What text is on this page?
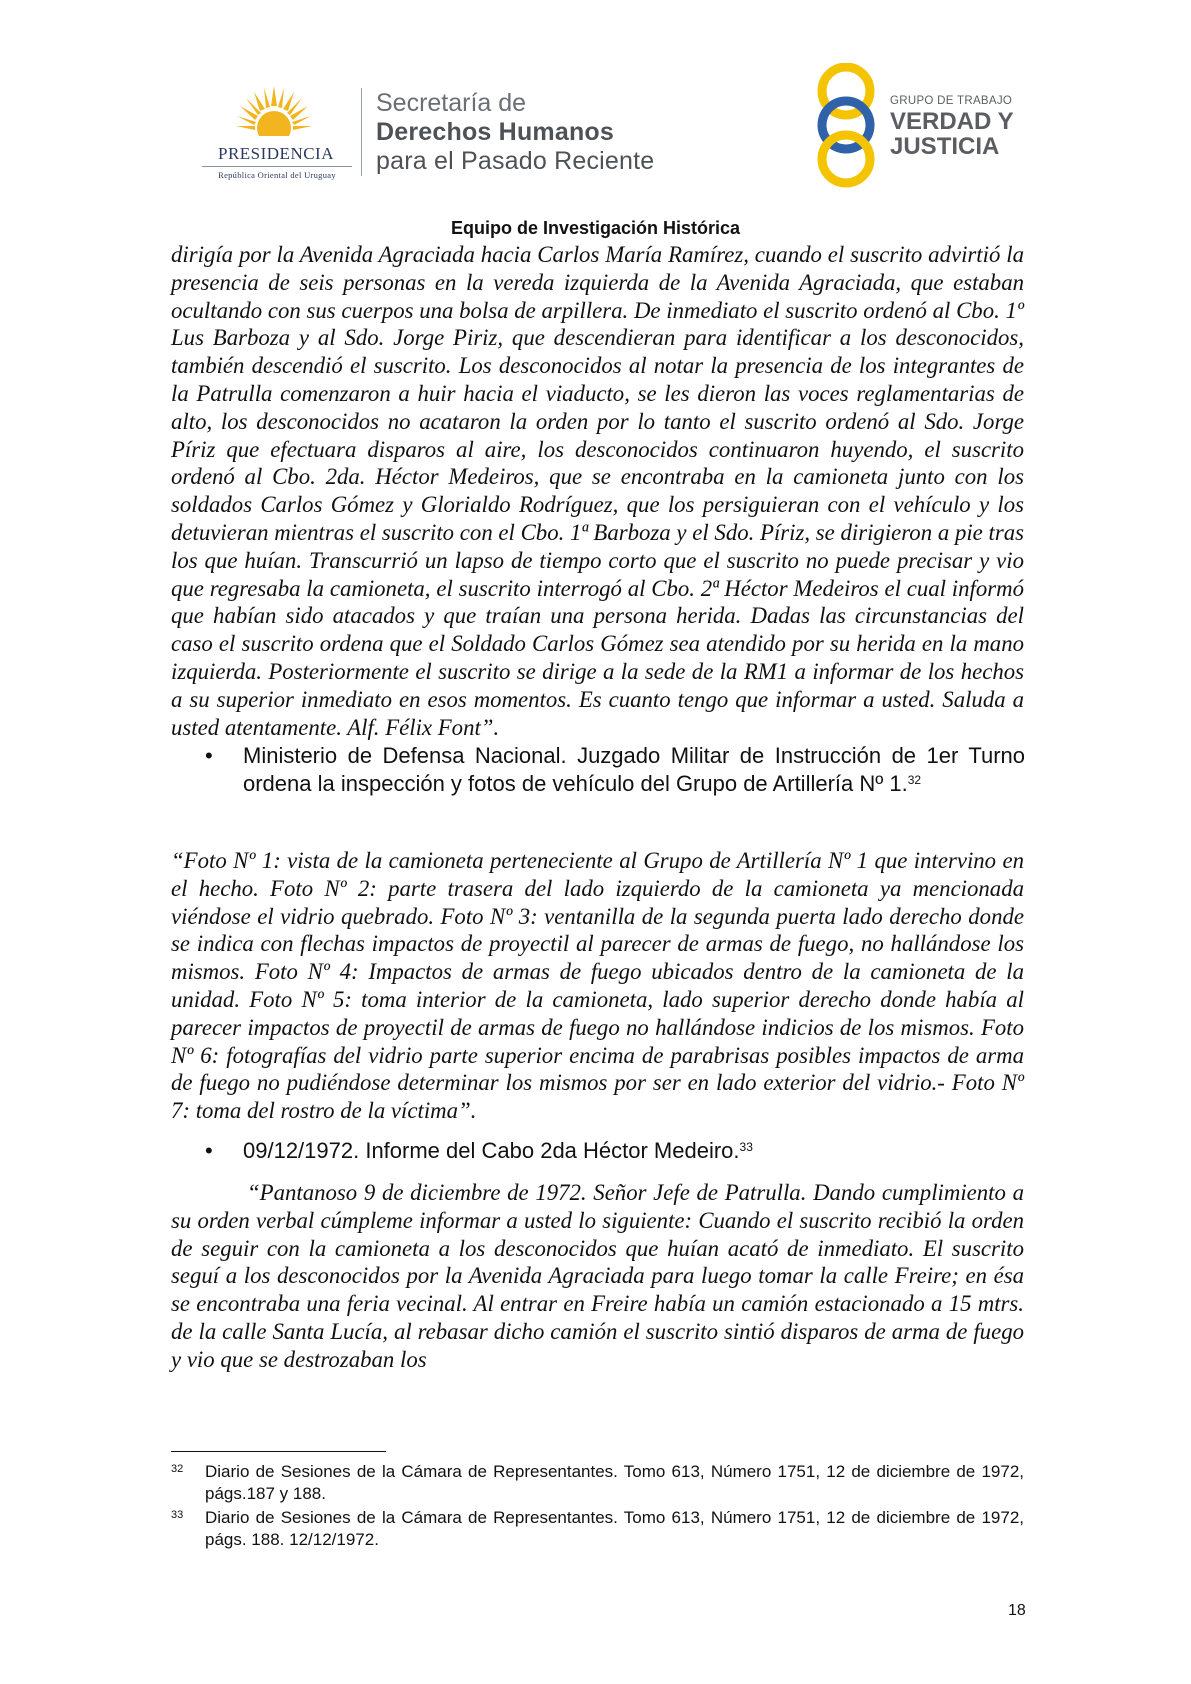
PRESIDENCIA
República Oriental del Uruguay
Secretaría de
Derechos Humanos
para el Pasado Reciente
GRUPO DE TRABAJO
VERDAD Y
JUSTICIA
Equipo de Investigación Histórica

dirigía por la Avenida Agraciada hacia Carlos María Ramírez, cuando el suscrito advirtió la presencia de seis personas en la vereda izquierda de la Avenida Agraciada, que estaban ocultando con sus cuerpos una bolsa de arpillera. De inmediato el suscrito ordenó al Cbo. 1º Lus Barboza y al Sdo. Jorge Piriz, que descendieran para identificar a los desconocidos, también descendió el suscrito. Los desconocidos al notar la presencia de los integrantes de la Patrulla comenzaron a huir hacia el viaducto, se les dieron las voces reglamentarias de alto, los desconocidos no acataron la orden por lo tanto el suscrito ordenó al Sdo. Jorge Píriz que efectuara disparos al aire, los desconocidos continuaron huyendo, el suscrito ordenó al Cbo. 2da. Héctor Medeiros, que se encontraba en la camioneta junto con los soldados Carlos Gómez y Glorialdo Rodríguez, que los persiguieran con el vehículo y los detuvieran mientras el suscrito con el Cbo. 1ª Barboza y el Sdo. Píriz, se dirigieron a pie tras los que huían. Transcurrió un lapso de tiempo corto que el suscrito no puede precisar y vio que regresaba la camioneta, el suscrito interrogó al Cbo. 2ª Héctor Medeiros el cual informó que habían sido atacados y que traían una persona herida. Dadas las circunstancias del caso el suscrito ordena que el Soldado Carlos Gómez sea atendido por su herida en la mano izquierda. Posteriormente el suscrito se dirige a la sede de la RM1 a informar de los hechos a su superior inmediato en esos momentos. Es cuanto tengo que informar a usted. Saluda a usted atentamente. Alf. Félix Font”.

• Ministerio de Defensa Nacional. Juzgado Militar de Instrucción de 1er Turno ordena la inspección y fotos de vehículo del Grupo de Artillería Nº 1.32

“Foto Nº 1: vista de la camioneta perteneciente al Grupo de Artillería Nº 1 que intervino en el hecho. Foto Nº 2: parte trasera del lado izquierdo de la camioneta ya mencionada viéndose el vidrio quebrado. Foto Nº 3: ventanilla de la segunda puerta lado derecho donde se indica con flechas impactos de proyectil al parecer de armas de fuego, no hallándose los mismos. Foto Nº 4: Impactos de armas de fuego ubicados dentro de la camioneta de la unidad. Foto Nº 5: toma interior de la camioneta, lado superior derecho donde había al parecer impactos de proyectil de armas de fuego no hallándose indicios de los mismos. Foto Nº 6: fotografías del vidrio parte superior encima de parabrisas posibles impactos de arma de fuego no pudiéndose determinar los mismos por ser en lado exterior del vidrio.- Foto Nº 7: toma del rostro de la víctima”.

• 09/12/1972. Informe del Cabo 2da Héctor Medeiro.$^{33}$

“Pantanoso 9 de diciembre de 1972. Señor Jefe de Patrulla. Dando cumplimiento a su orden verbal cúmpleme informar a usted lo siguiente: Cuando el suscrito recibió la orden de seguir con la camioneta a los desconocidos que huían acató de inmediato. El suscrito seguí a los desconocidos por la Avenida Agraciada para luego tomar la calle Freire; en ésa se encontraba una feria vecinal. Al entrar en Freire había un camión estacionado a 15 mtrs. de la calle Santa Lucía, al rebasar dicho camión el suscrito sintió disparos de arma de fuego y vio que se destrozaban los

32 Diario de Sesiones de la Cámara de Representantes. Tomo 613, Número 1751, 12 de diciembre de 1972, págs.187 y 188.
33 Diario de Sesiones de la Cámara de Representantes. Tomo 613, Número 1751, 12 de diciembre de 1972, págs. 188. 12/12/1972.
18
